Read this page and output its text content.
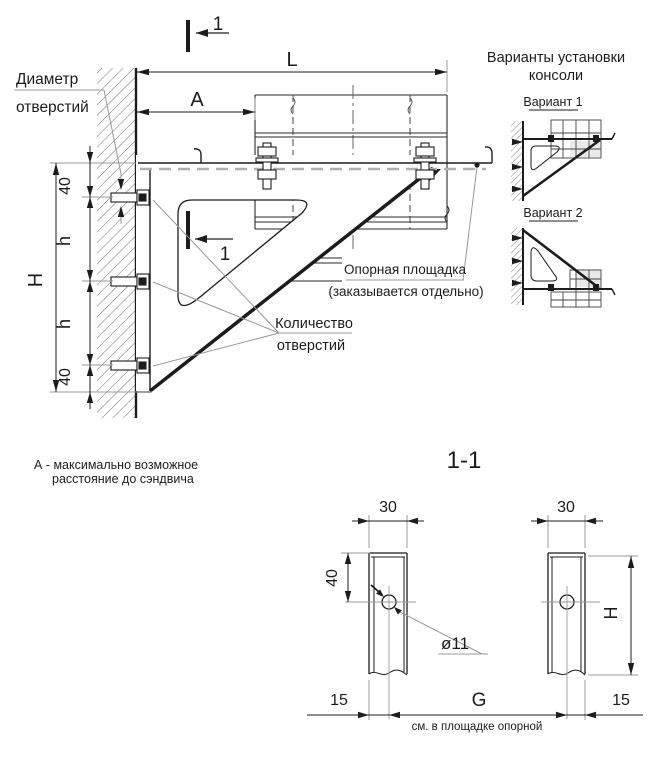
1
1
L
A
40
h
H
h
40
Диаметр
отверстий
Количество
отверстий
Опорная площадка
(заказывается отдельно)
А - максимально возможное
расстояние до сэндвича
Варианты установки
консоли
Вариант 1
Вариант 2
1-1
30	30
40
ø11
H
15	G	15
см. в площадке опорной
